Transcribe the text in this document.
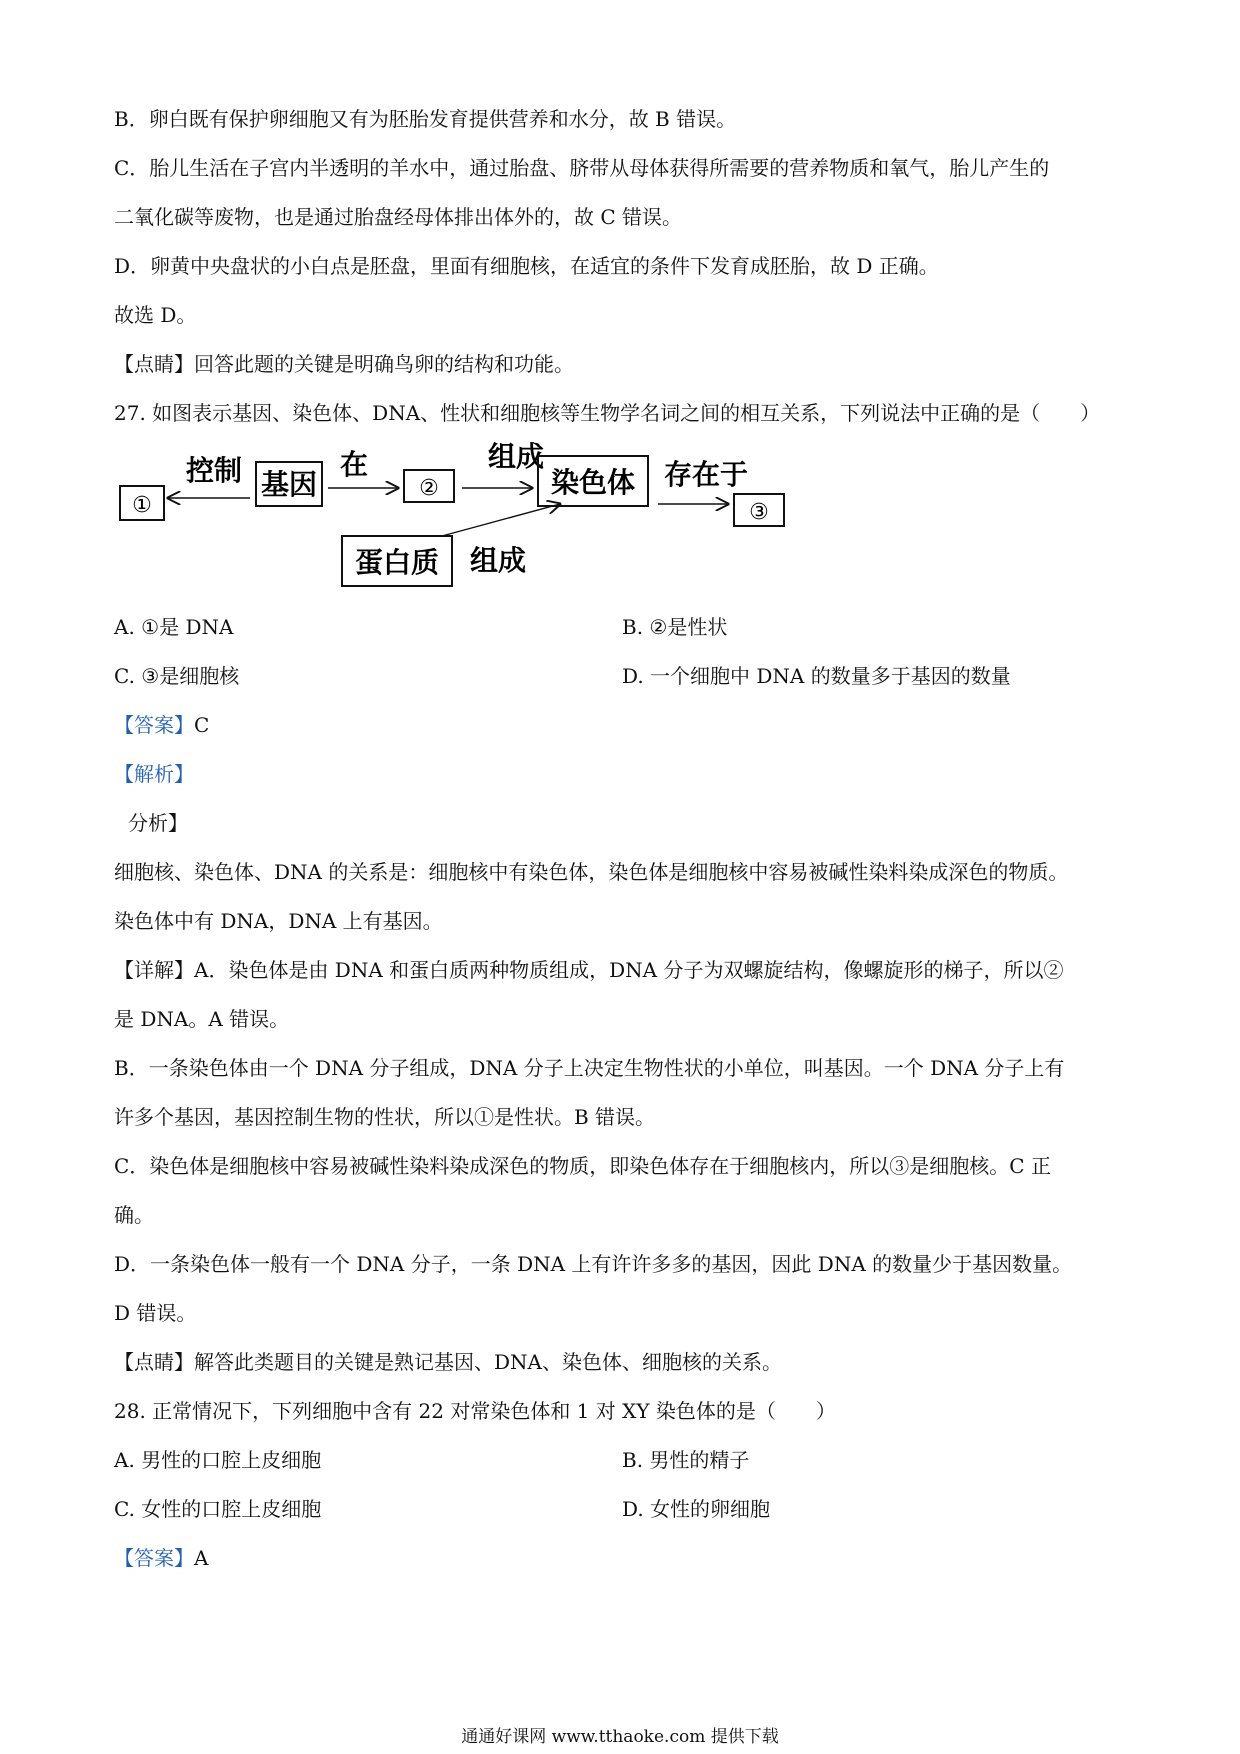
B．卵白既有保护卵细胞又有为胚胎发育提供营养和水分，故 B 错误。
C．胎儿生活在子宫内半透明的羊水中，通过胎盘、脐带从母体获得所需要的营养物质和氧气，胎儿产生的
二氧化碳等废物，也是通过胎盘经母体排出体外的，故 C 错误。
D．卵黄中央盘状的小白点是胚盘，里面有细胞核，在适宜的条件下发育成胚胎，故 D 正确。
故选 D。
【点睛】回答此题的关键是明确鸟卵的结构和功能。
27. 如图表示基因、染色体、DNA、性状和细胞核等生物学名词之间的相互关系，下列说法中正确的是（　　）
①
控制 基因
在
②
组成
染色体 存在于
③
蛋白质 组成
A. ①是 DNA	B. ②是性状
C. ③是细胞核	D. 一个细胞中 DNA 的数量多于基因的数量
【答案】C
【解析】
分析】
细胞核、染色体、DNA 的关系是：细胞核中有染色体，染色体是细胞核中容易被碱性染料染成深色的物质。
染色体中有 DNA，DNA 上有基因。
【详解】A．染色体是由 DNA 和蛋白质两种物质组成，DNA 分子为双螺旋结构，像螺旋形的梯子，所以②
是 DNA。A 错误。
B．一条染色体由一个 DNA 分子组成，DNA 分子上决定生物性状的小单位，叫基因。一个 DNA 分子上有
许多个基因，基因控制生物的性状，所以①是性状。B 错误。
C．染色体是细胞核中容易被碱性染料染成深色的物质，即染色体存在于细胞核内，所以③是细胞核。C 正
确。
D．一条染色体一般有一个 DNA 分子，一条 DNA 上有许许多多的基因，因此 DNA 的数量少于基因数量。
D 错误。
【点睛】解答此类题目的关键是熟记基因、DNA、染色体、细胞核的关系。
28. 正常情况下，下列细胞中含有 22 对常染色体和 1 对 XY 染色体的是（　　）
A. 男性的口腔上皮细胞	B. 男性的精子
C. 女性的口腔上皮细胞	D. 女性的卵细胞
【答案】A
通通好课网 www.tthaoke.com 提供下载
